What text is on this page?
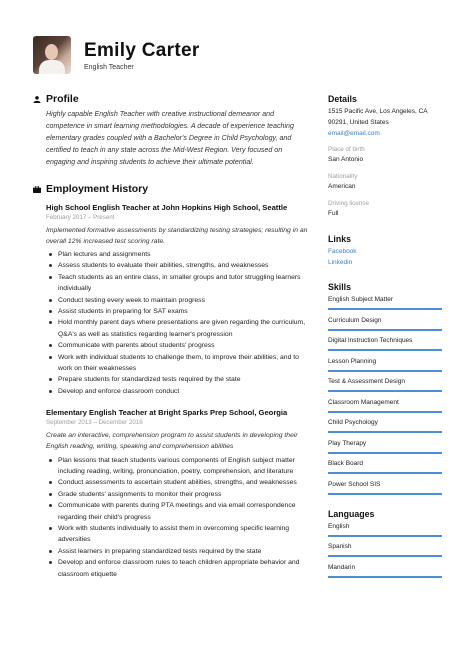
Emily Carter
English Teacher
Profile
Highly capable English Teacher with creative instructional demeanor and competence in smart learning methodologies. A decade of experience teaching elementary grades coupled with a Bachelor's Degree in Child Psychology, and certified to teach in any state across the Mid-West Region. Very focused on engaging and inspiring students to achieve their ultimate potential.
Employment History
High School English Teacher at John Hopkins High School, Seattle
February 2017 – Present
Implemented formative assessments by standardizing testing strategies; resulting in an overall 12% increased test scoring rate.
Plan lectures and assignments
Assess students to evaluate their abilities, strengths, and weaknesses
Teach students as an entire class, in smaller groups and tutor struggling learners individually
Conduct testing every week to maintain progress
Assist students in preparing for SAT exams
Hold monthly parent days where presentations are given regarding the curriculum, Q&A's as well as statistics regarding learner's progression
Communicate with parents about students' progress
Work with individual students to challenge them, to improve their abilities, and to work on their weaknesses
Prepare students for standardized tests required by the state
Develop and enforce classroom conduct
Elementary English Teacher at Bright Sparks Prep School, Georgia
September 2013 – December 2016
Create an interactive, comprehension program to assist students in developing their English reading, writing, speaking and comprehension abilities
Plan lessons that teach students various components of English subject matter including reading, writing, pronunciation, poetry, comprehension, and literature
Conduct assessments to ascertain student abilities, strengths, and weaknesses
Grade students' assignments to monitor their progress
Communicate with parents during PTA meetings and via email correspondence regarding their child's progress
Work with students individually to assist them in overcoming specific learning adversities
Assist learners in preparing standardized tests required by the state
Develop and enforce classroom rules to teach children appropriate behavior and classroom etiquette
Details
1515 Pacific Ave, Los Angeles, CA
90291, United States
email@email.com
Place of birth
San Antonio
Nationality
American
Driving license
Full
Links
Facebook
Linkedin
Skills
English Subject Matter
Curriculum Design
Digital Instruction Techniques
Lesson Planning
Test & Assessment Design
Classroom Management
Child Psychology
Play Therapy
Black Board
Power School SIS
Languages
English
Spanish
Mandarin
